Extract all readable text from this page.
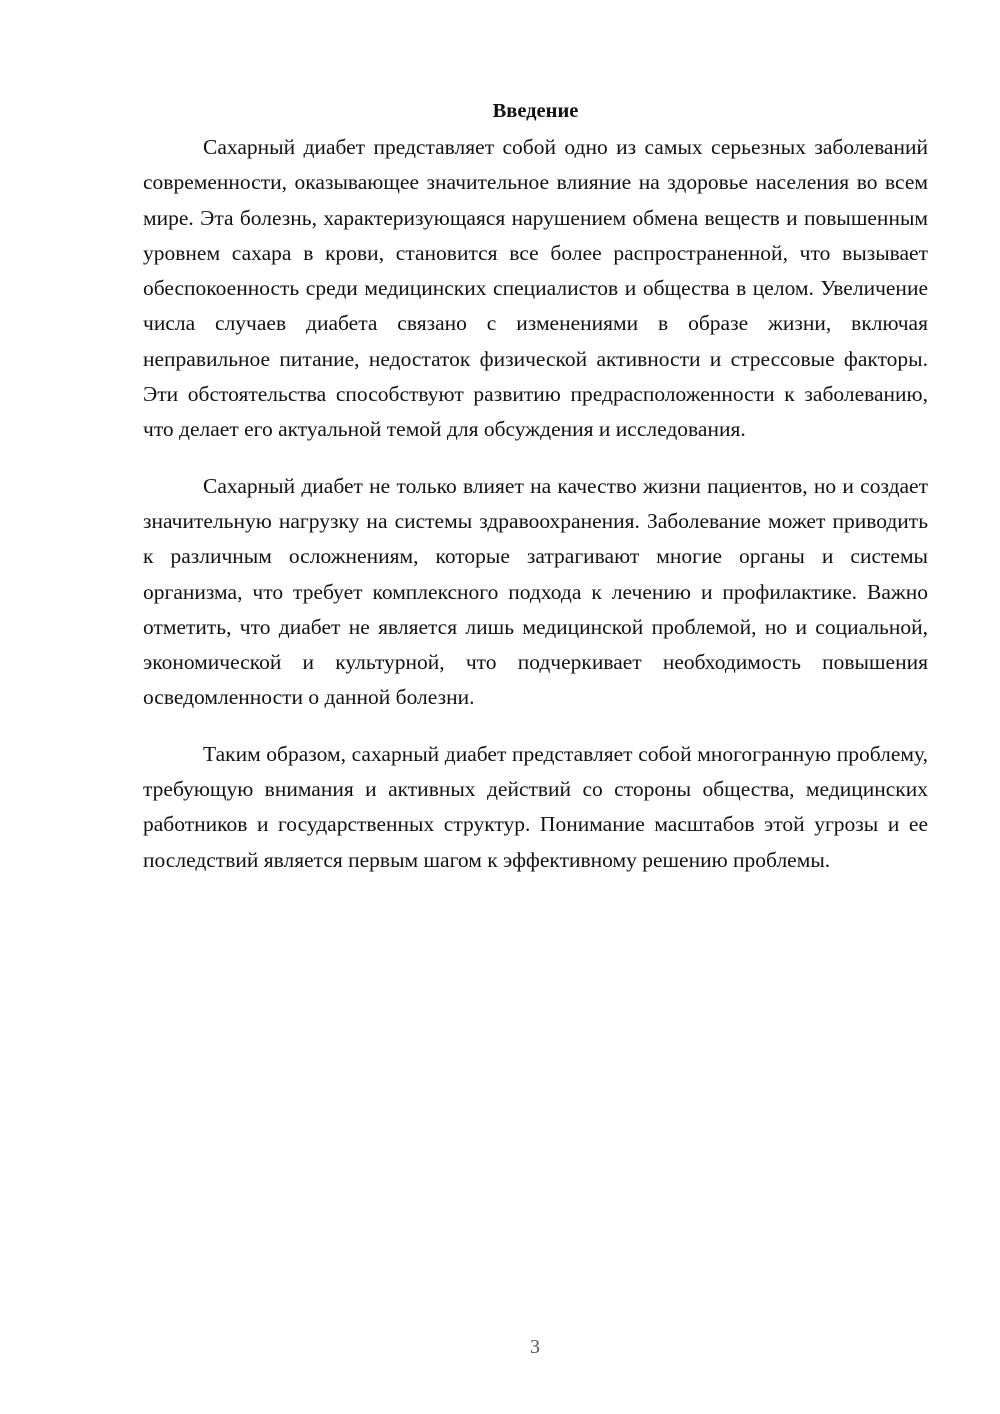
Введение

Сахарный диабет представляет собой одно из самых серьезных заболеваний современности, оказывающее значительное влияние на здоровье населения во всем мире. Эта болезнь, характеризующаяся нарушением обмена веществ и повышенным уровнем сахара в крови, становится все более распространенной, что вызывает обеспокоенность среди медицинских специалистов и общества в целом. Увеличение числа случаев диабета связано с изменениями в образе жизни, включая неправильное питание, недостаток физической активности и стрессовые факторы. Эти обстоятельства способствуют развитию предрасположенности к заболеванию, что делает его актуальной темой для обсуждения и исследования.

Сахарный диабет не только влияет на качество жизни пациентов, но и создает значительную нагрузку на системы здравоохранения. Заболевание может приводить к различным осложнениям, которые затрагивают многие органы и системы организма, что требует комплексного подхода к лечению и профилактике. Важно отметить, что диабет не является лишь медицинской проблемой, но и социальной, экономической и культурной, что подчеркивает необходимость повышения осведомленности о данной болезни.

Таким образом, сахарный диабет представляет собой многогранную проблему, требующую внимания и активных действий со стороны общества, медицинских работников и государственных структур. Понимание масштабов этой угрозы и ее последствий является первым шагом к эффективному решению проблемы.

3
